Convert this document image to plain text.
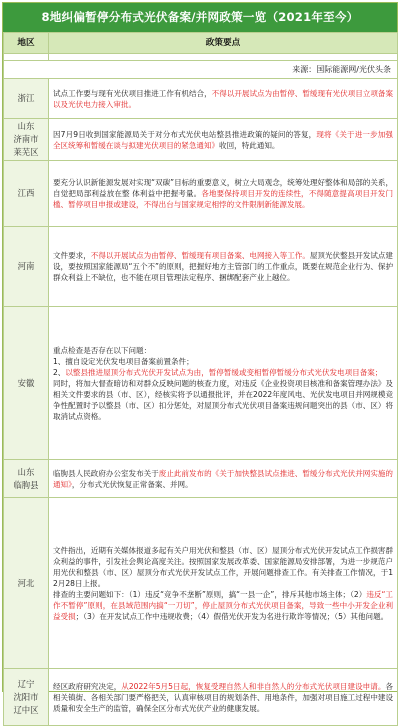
8地纠偏暂停分布式光伏备案/并网政策一览（2021年至今）
地区	政策要点

来源：国际能源网/光伏头条	

浙江	试点工作要与现有光伏项目推进工作有机结合，不得以开展试点为由暂停、暂缓现有光伏项目立项备案以及光伏电力接入审批。

山东
济南市
莱芜区	因7月9日收到国家能源局关于对分布式光伏电站整县推进政策的疑问的答复，现将《关于进一步加强全区统筹和暂缓在谈与拟建光伏项目的紧急通知》收回，特此通知。

江西	要充分认识新能源发展对实现“双碳”目标的重要意义，树立大局观念，统筹处理好整体和局部的关系，自觉把局部利益放在整 体利益中把握考量。各地要保持项目开发的连续性，不得随意提高项目开发门槛、暂停项目申报或建设，不得出台与国家规定相悖的文件限制新能源发展。

河南	文件要求，不得以开展试点为由暂停、暂缓现有项目备案、电网接入等工作。屋顶光伏整县开发试点建设，要按照国家能源局“五个不”的原则，把握好地方主管部门的工作重点，既要在规范企业行为、保护群众利益上不缺位，也不能在项目管理法定程序、捆绑配套产业上越位。

安徽	重点检查是否存在以下问题：
1、擅自设定光伏发电项目备案前置条件；
2、以整县推进屋顶分布式光伏开发试点为由，暂停暂缓或变相暂停暂缓分布式光伏发电项目备案；
同时，将加大督查暗访和对群众反映问题的核查力度，对违反《企业投资项目核准和备案管理办法》及相关文件要求的县（市、区），经核实将予以通报批评，并在2022年度风电、光伏发电项目并网规模竞争性配置时予以整县（市、区）扣分惩处，对屋顶分布式光伏项目备案违规问题突出的县（市、区）将取消试点资格。

山东
临朐县	临朐县人民政府办公室发布关于废止此前发布的《关于加快整县试点推进、暂缓分布式光伏并网实施的通知》，分布式光伏恢复正常备案、并网。

河北	文件指出，近期有关媒体报道多起有关户用光伏和整县（市、区）屋顶分布式光伏开发试点工作损害群众利益的事件，引发社会舆论高度关注。按照国家发展改革委、国家能源局安排部署，为进一步规范户用光伏和整县（市、区）屋顶分布式光伏开发试点工作，开展问题排查工作。有关排查工作情况，于12月28日上报。
排查的主要问题如下：（1）违反“竞争不垄断”原则，搞“一县一企”，排斥其他市场主体；（2）违反“工作不暂停”原则，在县域范围内搞“一刀切”，停止屋顶分布式光伏项目备案，导致一些中小开发企业利益受损；（3）在开发试点工作中违规收费；（4）假借光伏开发为名进行欺诈等情况；（5）其他问题。

辽宁
沈阳市
辽中区	经区政府研究决定，从2022年5月5日起，恢复受理自然人和非自然人的分布式光伏项目建设申请。各相关镇街、各相关部门要严格把关，认真审核项目的规划条件、用地条件，加强对项目施工过程中建设质量和安全生产的监管，确保全区分布式光伏产业的健康发展。
